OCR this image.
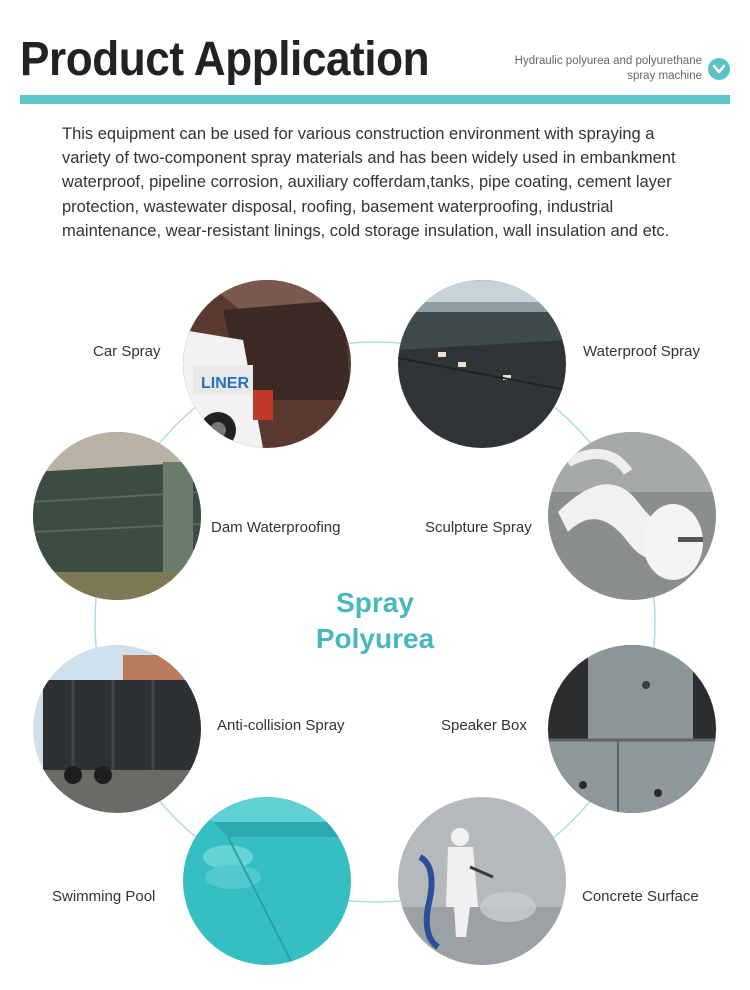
Product Application	Hydraulic polyurea and polyurethane
spray machine
This equipment can be used for various construction environment with spraying a variety of two-component spray materials and has been widely used in embankment waterproof, pipeline corrosion, auxiliary cofferdam,tanks, pipe coating, cement layer protection, wastewater disposal, roofing, basement waterproofing, industrial maintenance, wear-resistant linings, cold storage insulation, wall insulation and etc.
Spray
Polyurea
LINER
Car Spray	Waterproof Spray
Dam Waterproofing	Sculpture Spray
Anti-collision Spray	Speaker Box
Swimming Pool	Concrete Surface
